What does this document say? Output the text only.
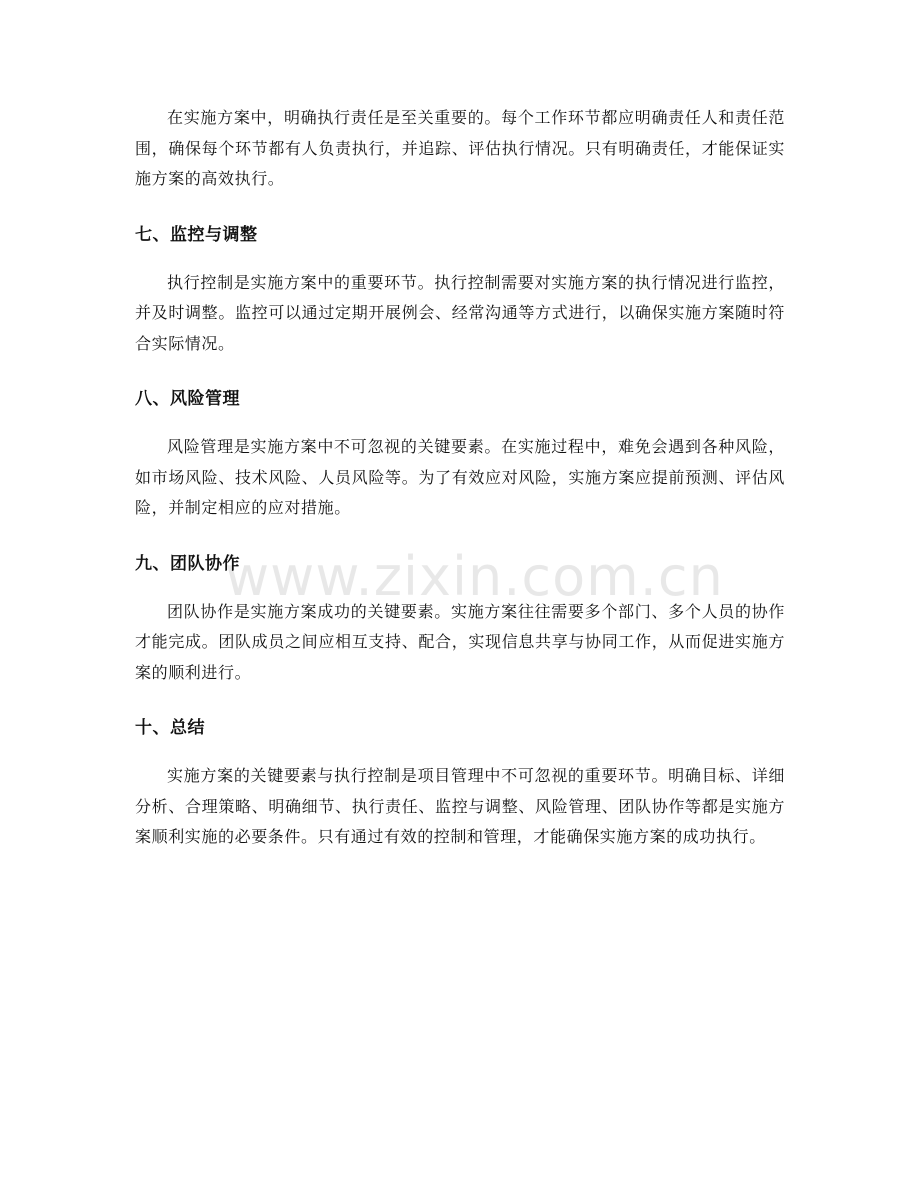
在实施方案中，明确执行责任是至关重要的。每个工作环节都应明确责任人和责任范围，确保每个环节都有人负责执行，并追踪、评估执行情况。只有明确责任，才能保证实施方案的高效执行。

七、监控与调整

执行控制是实施方案中的重要环节。执行控制需要对实施方案的执行情况进行监控，并及时调整。监控可以通过定期开展例会、经常沟通等方式进行，以确保实施方案随时符合实际情况。

八、风险管理

风险管理是实施方案中不可忽视的关键要素。在实施过程中，难免会遇到各种风险，如市场风险、技术风险、人员风险等。为了有效应对风险，实施方案应提前预测、评估风险，并制定相应的应对措施。

九、团队协作

团队协作是实施方案成功的关键要素。实施方案往往需要多个部门、多个人员的协作才能完成。团队成员之间应相互支持、配合，实现信息共享与协同工作，从而促进实施方案的顺利进行。

十、总结

实施方案的关键要素与执行控制是项目管理中不可忽视的重要环节。明确目标、详细分析、合理策略、明确细节、执行责任、监控与调整、风险管理、团队协作等都是实施方案顺利实施的必要条件。只有通过有效的控制和管理，才能确保实施方案的成功执行。

www.zixin.com.cn
